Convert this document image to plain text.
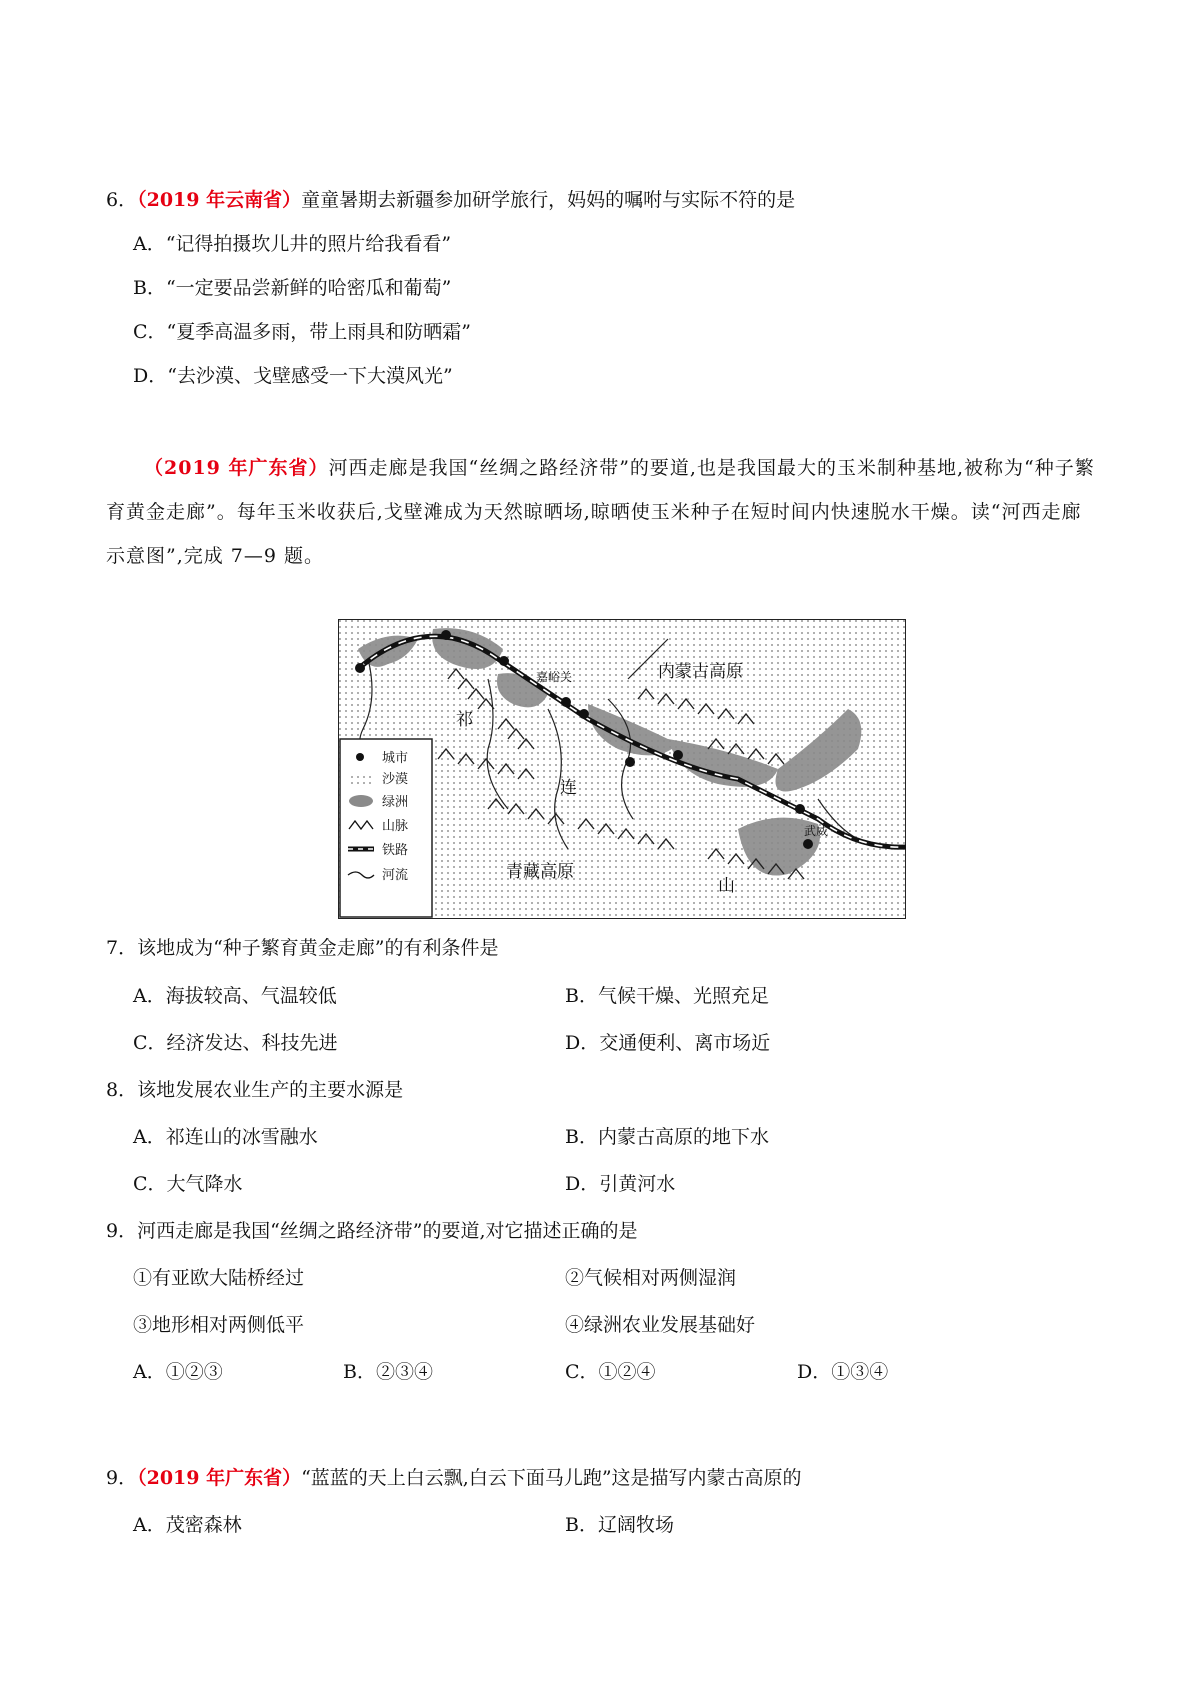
6．（2019 年云南省）童童暑期去新疆参加研学旅行，妈妈的嘱咐与实际不符的是
A．“记得拍摄坎儿井的照片给我看看”
B．“一定要品尝新鲜的哈密瓜和葡萄”
C．“夏季高温多雨，带上雨具和防晒霜”
D．“去沙漠、戈壁感受一下大漠风光”
（2019 年广东省）河西走廊是我国“丝绸之路经济带”的要道,也是我国最大的玉米制种基地,被称为“种子繁育黄金走廊”。每年玉米收获后,戈壁滩成为天然晾晒场,晾晒使玉米种子在短时间内快速脱水干燥。读“河西走廊示意图”,完成 7—9 题。
内蒙古高原
青藏高原
嘉峪关
武威
祁
连
山
城市
沙漠
绿洲
山脉
铁路
河流
7．该地成为“种子繁育黄金走廊”的有利条件是
A．海拔较高、气温较低	B．气候干燥、光照充足
C．经济发达、科技先进	D．交通便利、离市场近
8．该地发展农业生产的主要水源是
A．祁连山的冰雪融水	B．内蒙古高原的地下水
C．大气降水	D．引黄河水
9．河西走廊是我国“丝绸之路经济带”的要道,对它描述正确的是
①有亚欧大陆桥经过	②气候相对两侧湿润
③地形相对两侧低平	④绿洲农业发展基础好
A．①②③	B．②③④	C．①②④	D．①③④
9．（2019 年广东省）“蓝蓝的天上白云飘,白云下面马儿跑”这是描写内蒙古高原的
A．茂密森林	B．辽阔牧场
